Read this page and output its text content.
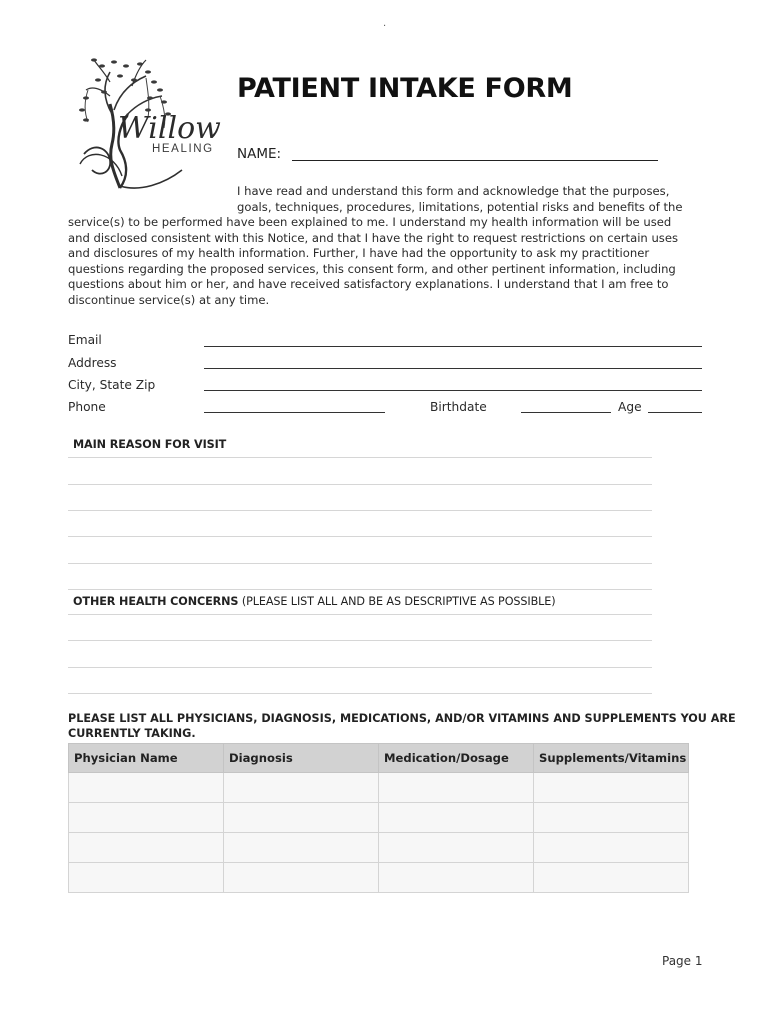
.
Willow
HEALING
PATIENT INTAKE FORM
NAME:
I have read and understand this form and acknowledge that the purposes,
goals, techniques, procedures, limitations, potential risks and benefits of the
service(s) to be performed have been explained to me. I understand my health information will be used
and disclosed consistent with this Notice, and that I have the right to request restrictions on certain uses
and disclosures of my health information. Further, I have had the opportunity to ask my practitioner
questions regarding the proposed services, this consent form, and other pertinent information, including
questions about him or her, and have received satisfactory explanations. I understand that I am free to
discontinue service(s) at any time.
Email
Address
City, State Zip
Phone	Birthdate	Age
MAIN REASON FOR VISIT
OTHER HEALTH CONCERNS (PLEASE LIST ALL AND BE AS DESCRIPTIVE AS POSSIBLE)
PLEASE LIST ALL PHYSICIANS, DIAGNOSIS, MEDICATIONS, AND/OR VITAMINS AND SUPPLEMENTS YOU ARE
CURRENTLY TAKING.
Physician Name	Diagnosis	Medication/Dosage	Supplements/Vitamins

Page 1
